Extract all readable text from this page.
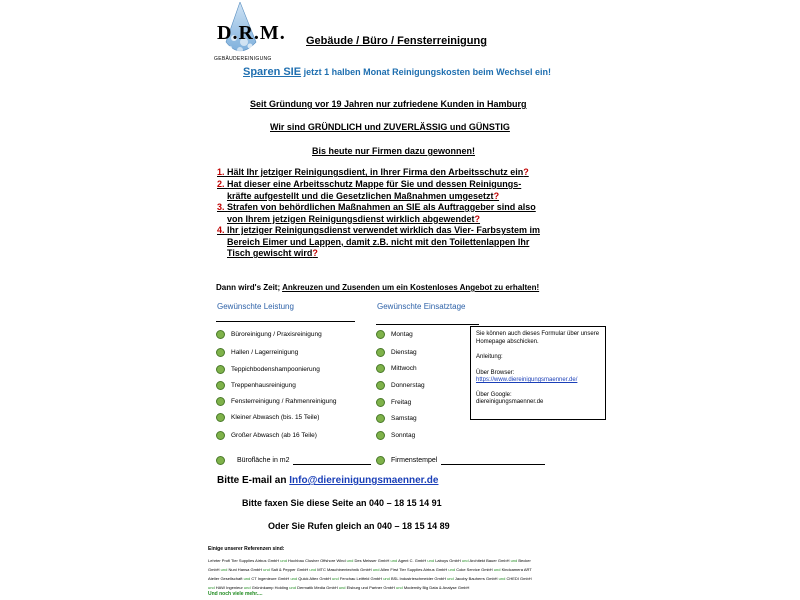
D.R.M.
GEBÄUDEREINIGUNG
Gebäude / Büro / Fensterreinigung
Sparen SIE jetzt 1 halben Monat Reinigungskosten beim Wechsel ein!
Seit Gründung vor 19 Jahren nur zufriedene Kunden in Hamburg
Wir sind GRÜNDLICH und ZUVERLÄSSIG und GÜNSTIG
Bis heute nur Firmen dazu gewonnen!
1. Hält Ihr jetziger Reinigungsdient, in Ihrer Firma den Arbeitsschutz ein?
2. Hat dieser eine Arbeitsschutz Mappe für Sie und dessen Reinigungs-
kräfte aufgestellt und die Gesetzlichen Maßnahmen umgesetzt?
3. Strafen von behördlichen Maßnahmen an SIE als Auftraggeber sind also
von Ihrem jetzigen Reinigungsdienst wirklich abgewendet?
4. Ihr jetziger Reinigungsdienst verwendet wirklich das Vier- Farbsystem im
Bereich Eimer und Lappen, damit z.B. nicht mit den Toilettenlappen Ihr
Tisch gewischt wird?
Dann wird's Zeit; Ankreuzen und Zusenden um ein Kostenloses Angebot zu erhalten!
Gewünschte Leistung	Gewünschte Einsatztage
Büroreinigung / Praxisreinigung
Hallen / Lagerreinigung
Teppichbodenshampoonierung
Treppenhausreinigung
Fensterreinigung / Rahmenreinigung
Kleiner Abwasch (bis. 15 Teile)
Großer Abwasch (ab 16 Teile)
Montag
Dienstag
Mittwoch
Donnerstag
Freitag
Samstag
Sonntag
Sie können auch dieses Formular über unsere Homepage abschicken.
Anleitung:
Über Browser:
https://www.diereinigungsmaenner.de/
Über Google:
diereinigungsmaenner.de
Bürofläche in m2	Firmenstempel
Bitte E-mail an Info@diereinigungsmaenner.de
Bitte faxen Sie diese Seite an 040 – 18 15 14 91
Oder Sie Rufen gleich an 040 – 18 15 14 89
Einige unserer Referenzen sind:
Lehrter Profi Tier Supplies Airbus GmbH und Hochbau Clusher Offshore Wind und Des Meisser GmbH und Agent C. GmbH und Laboys GmbH und Architekt Bauer GmbH und Becker GmbH und Nuni Hansa GmbH und Salt & Pepper GmbH und MTC Maschinentechnik GmbH und Allen First Tier Supplies Airbus GmbH und Coke Service GmbH und Kindcamera ART Atelier Gesellschaft und CT Ingenieure GmbH und Quick Altex GmbH und Fenchau Leitfeld GmbH und BSL Industrieschmeider GmbH und Jacoby Bauherrs GmbH und CHEDI GmbH und HAW Ingenieur und Grüninkamp Holding und Dermatik Media GmbH und Elsburg und Partner GmbH und Modernity Big Data & Analyse GmbH
Und noch viele mehr....
